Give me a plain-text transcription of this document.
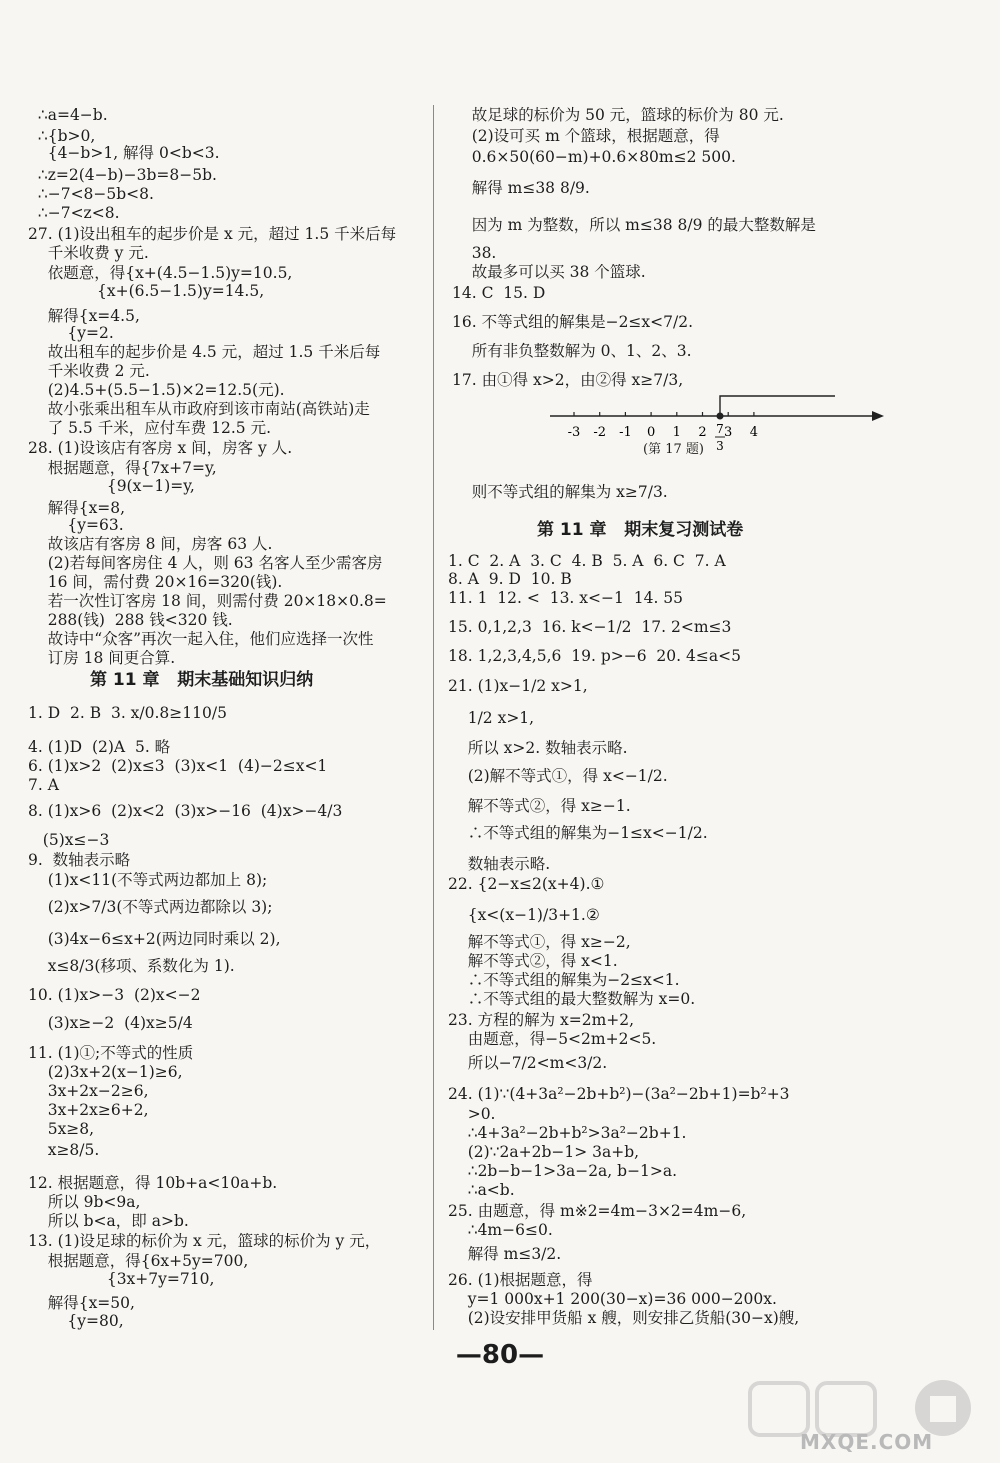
∴a=4−b.
∴{b>0,
{4−b>1, 解得 0<b<3.
∴z=2(4−b)−3b=8−5b.
∴−7<8−5b<8.
∴−7<z<8.
27. (1)设出租车的起步价是 x 元，超过 1.5 千米后每
千米收费 y 元.
依题意，得{x+(4.5−1.5)y=10.5,
{x+(6.5−1.5)y=14.5,
解得{x=4.5,
{y=2.
故出租车的起步价是 4.5 元，超过 1.5 千米后每
千米收费 2 元.
(2)4.5+(5.5−1.5)×2=12.5(元).
故小张乘出租车从市政府到该市南站(高铁站)走
了 5.5 千米，应付车费 12.5 元.
28. (1)设该店有客房 x 间，房客 y 人.
根据题意，得{7x+7=y,
{9(x−1)=y,
解得{x=8,
{y=63.
故该店有客房 8 间，房客 63 人.
(2)若每间客房住 4 人，则 63 名客人至少需客房
16 间，需付费 20×16=320(钱).
若一次性订客房 18 间，则需付费 20×18×0.8=
288(钱)  288 钱<320 钱.
故诗中“众客”再次一起入住，他们应选择一次性
订房 18 间更合算.
第 11 章   期末基础知识归纳
1. D  2. B  3. x/0.8≥110/5
4. (1)D  (2)A  5. 略
6. (1)x>2  (2)x≤3  (3)x<1  (4)−2≤x<1
7. A
8. (1)x>6  (2)x<2  (3)x>−16  (4)x>−4/3
(5)x≤−3
9.  数轴表示略
(1)x<11(不等式两边都加上 8);
(2)x>7/3(不等式两边都除以 3);
(3)4x−6≤x+2(两边同时乘以 2),
x≤8/3(移项、系数化为 1).
10. (1)x>−3  (2)x<−2
(3)x≥−2  (4)x≥5/4
11. (1)①;不等式的性质
(2)3x+2(x−1)≥6,
3x+2x−2≥6,
3x+2x≥6+2,
5x≥8,
x≥8/5.
12. 根据题意，得 10b+a<10a+b.
所以 9b<9a,
所以 b<a，即 a>b.
13. (1)设足球的标价为 x 元，篮球的标价为 y 元，
根据题意，得{6x+5y=700,
{3x+7y=710,
解得{x=50,
{y=80,
故足球的标价为 50 元，篮球的标价为 80 元.
(2)设可买 m 个篮球，根据题意，得
0.6×50(60−m)+0.6×80m≤2 500.
解得 m≤38 8/9.
因为 m 为整数，所以 m≤38 8/9 的最大整数解是
38.
故最多可以买 38 个篮球.
14. C  15. D
16. 不等式组的解集是−2≤x<7/2.
所有非负整数解为 0、1、2、3.
17. 由①得 x>2，由②得 x≥7/3,
-3 -2 -1 0 1 2 3 4
7
3
(第 17 题)
则不等式组的解集为 x≥7/3.
第 11 章   期末复习测试卷
1. C  2. A  3. C  4. B  5. A  6. C  7. A
8. A  9. D  10. B
11. 1  12. <  13. x<−1  14. 55
15. 0,1,2,3  16. k<−1/2  17. 2<m≤3
18. 1,2,3,4,5,6  19. p>−6  20. 4≤a<5
21. (1)x−1/2 x>1,
1/2 x>1,
所以 x>2. 数轴表示略.
(2)解不等式①，得 x<−1/2.
解不等式②，得 x≥−1.
∴不等式组的解集为−1≤x<−1/2.
数轴表示略.
22. {2−x≤2(x+4).①
{x<(x−1)/3+1.②
解不等式①，得 x≥−2,
解不等式②，得 x<1.
∴不等式组的解集为−2≤x<1.
∴不等式组的最大整数解为 x=0.
23. 方程的解为 x=2m+2,
由题意，得−5<2m+2<5.
所以−7/2<m<3/2.
24. (1)∵(4+3a²−2b+b²)−(3a²−2b+1)=b²+3
>0.
∴4+3a²−2b+b²>3a²−2b+1.
(2)∵2a+2b−1> 3a+b,
∴2b−b−1>3a−2a, b−1>a.
∴a<b.
25. 由题意，得 m※2=4m−3×2=4m−6,
∴4m−6≤0.
解得 m≤3/2.
26. (1)根据题意，得
y=1 000x+1 200(30−x)=36 000−200x.
(2)设安排甲货船 x 艘，则安排乙货船(30−x)艘,
—80—
MXQE.COM
